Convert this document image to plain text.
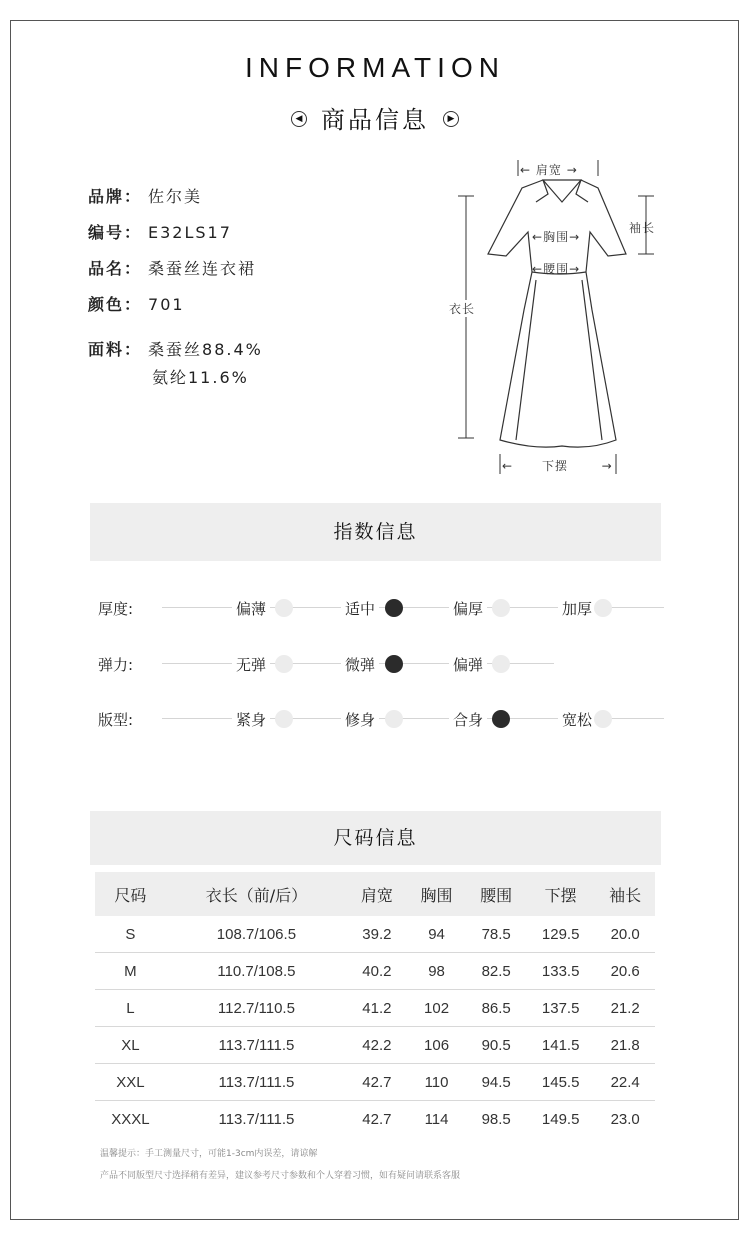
INFORMATION
◀ 商品信息 ▶
品牌： 佐尔美
编号： E32LS17
品名： 桑蚕丝连衣裙
颜色： 701
面料： 桑蚕丝88.4%
氨纶11.6%
← 肩宽 →
袖长
←胸围→
←腰围→
衣长
← 下摆	→
指数信息
厚度:	偏薄	适中	偏厚	加厚
弹力:	无弹	微弹	偏弹
版型:	紧身	修身	合身	宽松
尺码信息
尺码	衣长（前/后）	肩宽	胸围	腰围	下摆	袖长
S	108.7/106.5	39.2	94	78.5	129.5	20.0
M	110.7/108.5	40.2	98	82.5	133.5	20.6
L	112.7/110.5	41.2	102	86.5	137.5	21.2
XL	113.7/111.5	42.2	106	90.5	141.5	21.8
XXL	113.7/111.5	42.7	110	94.5	145.5	22.4
XXXL	113.7/111.5	42.7	114	98.5	149.5	23.0
温馨提示：手工测量尺寸，可能1-3cm内误差，请谅解
产品不同版型尺寸选择稍有差异，建议参考尺寸参数和个人穿着习惯，如有疑问请联系客服
